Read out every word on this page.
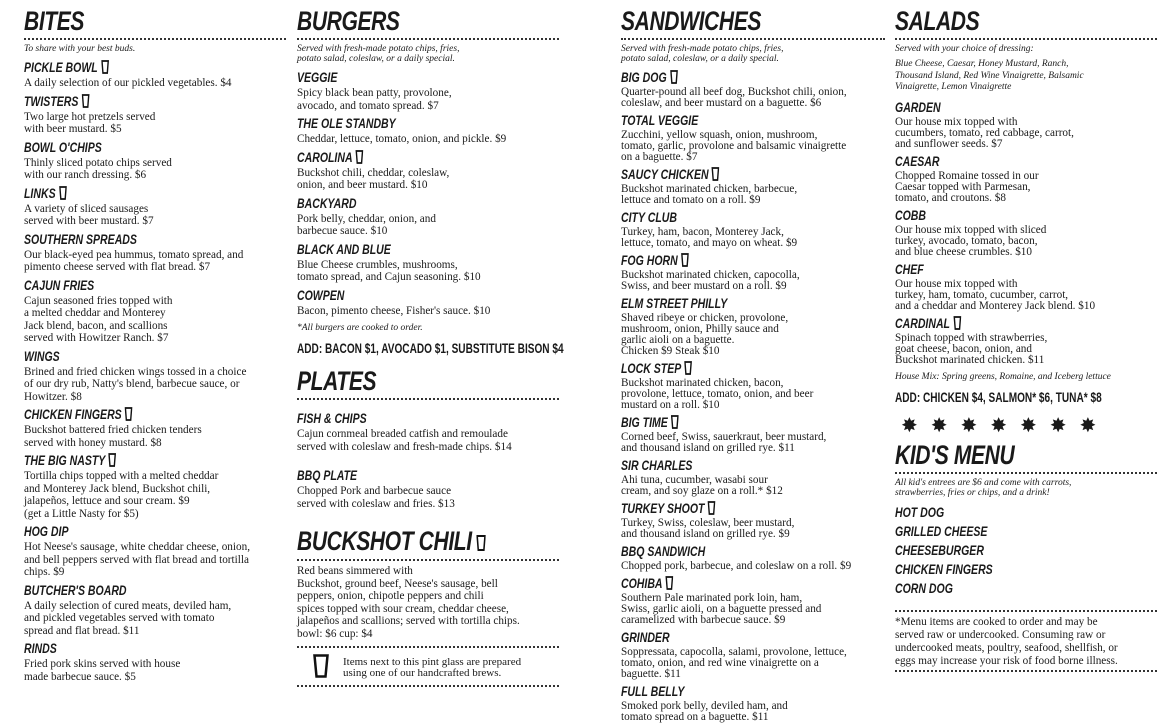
BITES
To share with your best buds.
PICKLE BOWL
A daily selection of our pickled vegetables. $4
TWISTERS
Two large hot pretzels served
with beer mustard. $5
BOWL O'CHIPS
Thinly sliced potato chips served
with our ranch dressing. $6
LINKS
A variety of sliced sausages
served with beer mustard. $7
SOUTHERN SPREADS
Our black-eyed pea hummus, tomato spread, and
pimento cheese served with flat bread. $7
CAJUN FRIES
Cajun seasoned fries topped with
a melted cheddar and Monterey
Jack blend, bacon, and scallions
served with Howitzer Ranch. $7
WINGS
Brined and fried chicken wings tossed in a choice
of our dry rub, Natty's blend, barbecue sauce, or
Howitzer. $8
CHICKEN FINGERS
Buckshot battered fried chicken tenders
served with honey mustard. $8
THE BIG NASTY
Tortilla chips topped with a melted cheddar
and Monterey Jack blend, Buckshot chili,
jalapeños, lettuce and sour cream. $9
(get a Little Nasty for $5)
HOG DIP
Hot Neese's sausage, white cheddar cheese, onion,
and bell peppers served with flat bread and tortilla
chips. $9
BUTCHER'S BOARD
A daily selection of cured meats, deviled ham,
and pickled vegetables served with tomato
spread and flat bread. $11
RINDS
Fried pork skins served with house
made barbecue sauce. $5
BURGERS
Served with fresh-made potato chips, fries,
potato salad, coleslaw, or a daily special.
VEGGIE
Spicy black bean patty, provolone,
avocado, and tomato spread. $7
THE OLE STANDBY
Cheddar, lettuce, tomato, onion, and pickle. $9
CAROLINA
Buckshot chili, cheddar, coleslaw,
onion, and beer mustard. $10
BACKYARD
Pork belly, cheddar, onion, and
barbecue sauce. $10
BLACK AND BLUE
Blue Cheese crumbles, mushrooms,
tomato spread, and Cajun seasoning. $10
COWPEN
Bacon, pimento cheese, Fisher's sauce. $10
*All burgers are cooked to order.
ADD: BACON $1, AVOCADO $1, SUBSTITUTE BISON $4
PLATES
FISH & CHIPS
Cajun cornmeal breaded catfish and remoulade
served with coleslaw and fresh-made chips. $14
BBQ PLATE
Chopped Pork and barbecue sauce
served with coleslaw and fries. $13
BUCKSHOT CHILI
Red beans simmered with
Buckshot, ground beef, Neese's sausage, bell
peppers, onion, chipotle peppers and chili
spices topped with sour cream, cheddar cheese,
jalapeños and scallions; served with tortilla chips.
bowl: $6 cup: $4
Items next to this pint glass are prepared
using one of our handcrafted brews.
SANDWICHES
Served with fresh-made potato chips, fries,
potato salad, coleslaw, or a daily special.
BIG DOG
Quarter-pound all beef dog, Buckshot chili, onion,
coleslaw, and beer mustard on a baguette. $6
TOTAL VEGGIE
Zucchini, yellow squash, onion, mushroom,
tomato, garlic, provolone and balsamic vinaigrette
on a baguette. $7
SAUCY CHICKEN
Buckshot marinated chicken, barbecue,
lettuce and tomato on a roll. $9
CITY CLUB
Turkey, ham, bacon, Monterey Jack,
lettuce, tomato, and mayo on wheat. $9
FOG HORN
Buckshot marinated chicken, capocolla,
Swiss, and beer mustard on a roll. $9
ELM STREET PHILLY
Shaved ribeye or chicken, provolone,
mushroom, onion, Philly sauce and
garlic aioli on a baguette.
Chicken $9 Steak $10
LOCK STEP
Buckshot marinated chicken, bacon,
provolone, lettuce, tomato, onion, and beer
mustard on a roll. $10
BIG TIME
Corned beef, Swiss, sauerkraut, beer mustard,
and thousand island on grilled rye. $11
SIR CHARLES
Ahi tuna, cucumber, wasabi sour
cream, and soy glaze on a roll.* $12
TURKEY SHOOT
Turkey, Swiss, coleslaw, beer mustard,
and thousand island on grilled rye. $9
BBQ SANDWICH
Chopped pork, barbecue, and coleslaw on a roll. $9
COHIBA
Southern Pale marinated pork loin, ham,
Swiss, garlic aioli, on a baguette pressed and
caramelized with barbecue sauce. $9
GRINDER
Soppressata, capocolla, salami, provolone, lettuce,
tomato, onion, and red wine vinaigrette on a
baguette. $11
FULL BELLY
Smoked pork belly, deviled ham, and
tomato spread on a baguette. $11
SALADS
Served with your choice of dressing:
Blue Cheese, Caesar, Honey Mustard, Ranch,
Thousand Island, Red Wine Vinaigrette, Balsamic
Vinaigrette, Lemon Vinaigrette
GARDEN
Our house mix topped with
cucumbers, tomato, red cabbage, carrot,
and sunflower seeds. $7
CAESAR
Chopped Romaine tossed in our
Caesar topped with Parmesan,
tomato, and croutons. $8
COBB
Our house mix topped with sliced
turkey, avocado, tomato, bacon,
and blue cheese crumbles. $10
CHEF
Our house mix topped with
turkey, ham, tomato, cucumber, carrot,
and a cheddar and Monterey Jack blend. $10
CARDINAL
Spinach topped with strawberries,
goat cheese, bacon, onion, and
Buckshot marinated chicken. $11
House Mix: Spring greens, Romaine, and Iceberg lettuce
ADD: CHICKEN $4, SALMON* $6, TUNA* $8
✸✸✸✸✸✸✸
KID'S MENU
All kid's entrees are $6 and come with carrots,
strawberries, fries or chips, and a drink!
HOT DOG
GRILLED CHEESE
CHEESEBURGER
CHICKEN FINGERS
CORN DOG
*Menu items are cooked to order and may be
served raw or undercooked. Consuming raw or
undercooked meats, poultry, seafood, shellfish, or
eggs may increase your risk of food borne illness.
